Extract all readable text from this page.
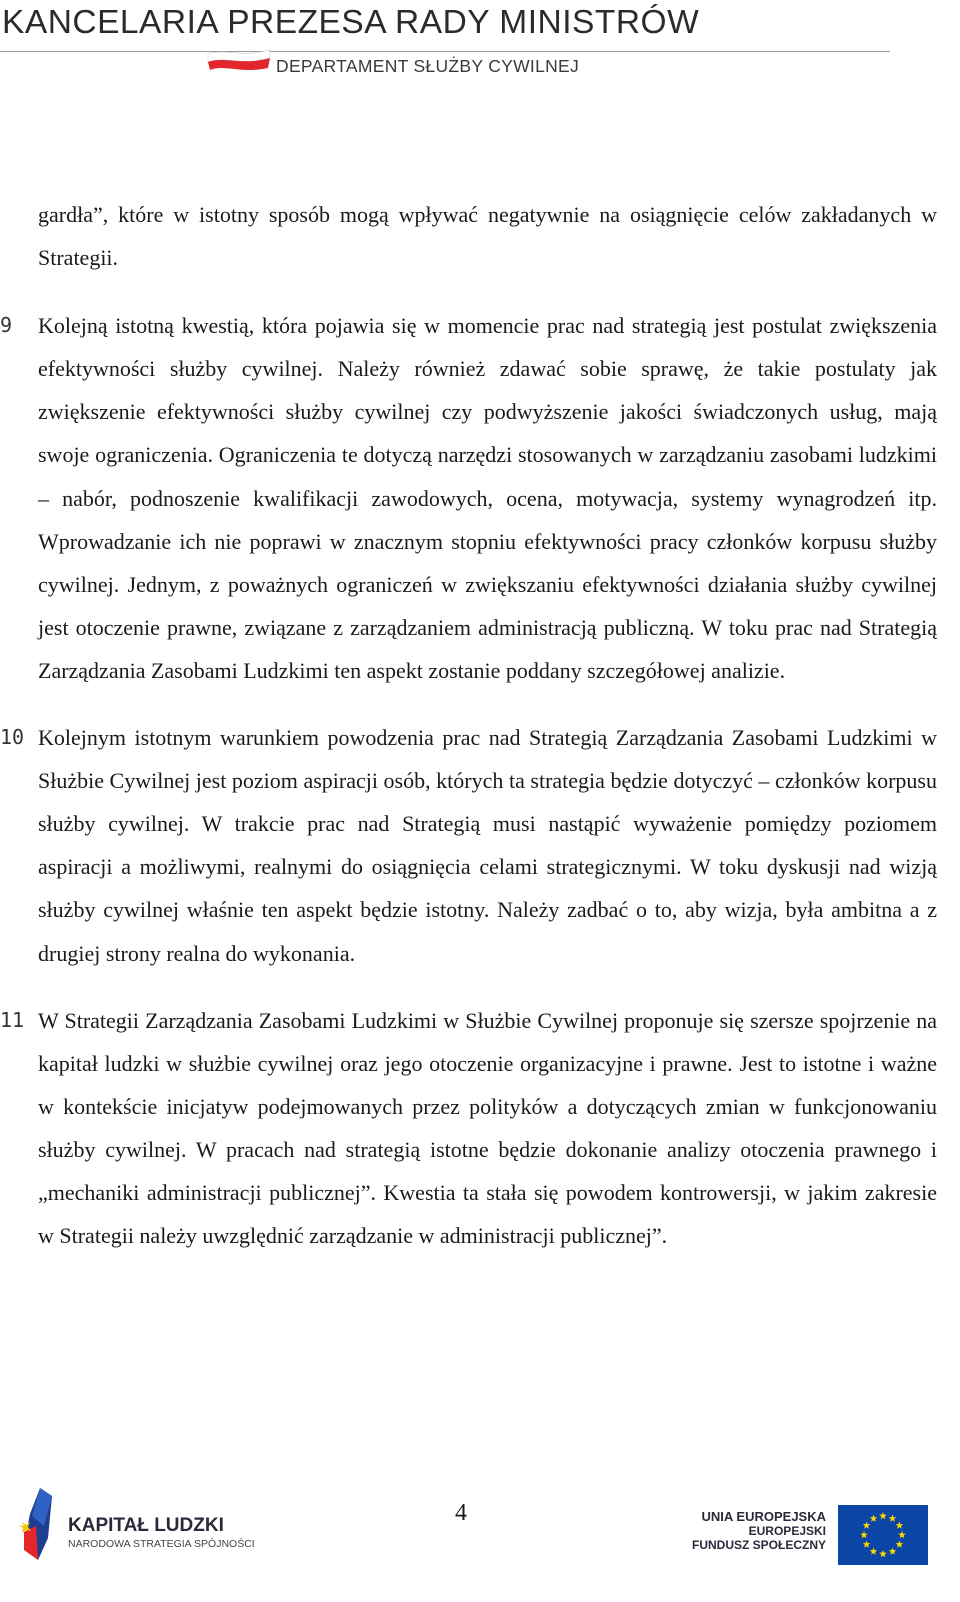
KANCELARIA PREZESA RADY MINISTRÓW
DEPARTAMENT SŁUŻBY CYWILNEJ

gardła”, które w istotny sposób mogą wpływać negatywnie na osiągnięcie celów zakładanych w Strategii.

9	Kolejną istotną kwestią, która pojawia się w momencie prac nad strategią jest postulat zwiększenia efektywności służby cywilnej. Należy również zdawać sobie sprawę, że takie postulaty jak zwiększenie efektywności służby cywilnej czy podwyższenie jakości świadczonych usług, mają swoje ograniczenia. Ograniczenia te dotyczą narzędzi stosowanych w zarządzaniu zasobami ludzkimi – nabór, podnoszenie kwalifikacji zawodowych, ocena, motywacja, systemy wynagrodzeń itp. Wprowadzanie ich nie poprawi w znacznym stopniu efektywności pracy członków korpusu służby cywilnej. Jednym, z poważnych ograniczeń w zwiększaniu efektywności działania służby cywilnej jest otoczenie prawne, związane z zarządzaniem administracją publiczną. W toku prac nad Strategią Zarządzania Zasobami Ludzkimi ten aspekt zostanie poddany szczegółowej analizie.
10 Kolejnym istotnym warunkiem powodzenia prac nad Strategią Zarządzania Zasobami Ludzkimi w Służbie Cywilnej jest poziom aspiracji osób, których ta strategia będzie dotyczyć – członków korpusu służby cywilnej. W trakcie prac nad Strategią musi nastąpić wyważenie pomiędzy poziomem aspiracji a możliwymi, realnymi do osiągnięcia celami strategicznymi. W toku dyskusji nad wizją służby cywilnej właśnie ten aspekt będzie istotny. Należy zadbać o to, aby wizja, była ambitna a z drugiej strony realna do wykonania.
11 W Strategii Zarządzania Zasobami Ludzkimi w Służbie Cywilnej proponuje się szersze spojrzenie na kapitał ludzki w służbie cywilnej oraz jego otoczenie organizacyjne i prawne. Jest to istotne i ważne w kontekście inicjatyw podejmowanych przez polityków a dotyczących zmian w funkcjonowaniu służby cywilnej. W pracach nad strategią istotne będzie dokonanie analizy otoczenia prawnego i „mechaniki administracji publicznej”. Kwestia ta stała się powodem kontrowersji, w jakim zakresie w Strategii należy uwzględnić zarządzanie w administracji publicznej”.
KAPITAŁ LUDZKI
NARODOWA STRATEGIA SPÓJNOŚCI
4	UNIA EUROPEJSKA
EUROPEJSKI
FUNDUSZ SPOŁECZNY
